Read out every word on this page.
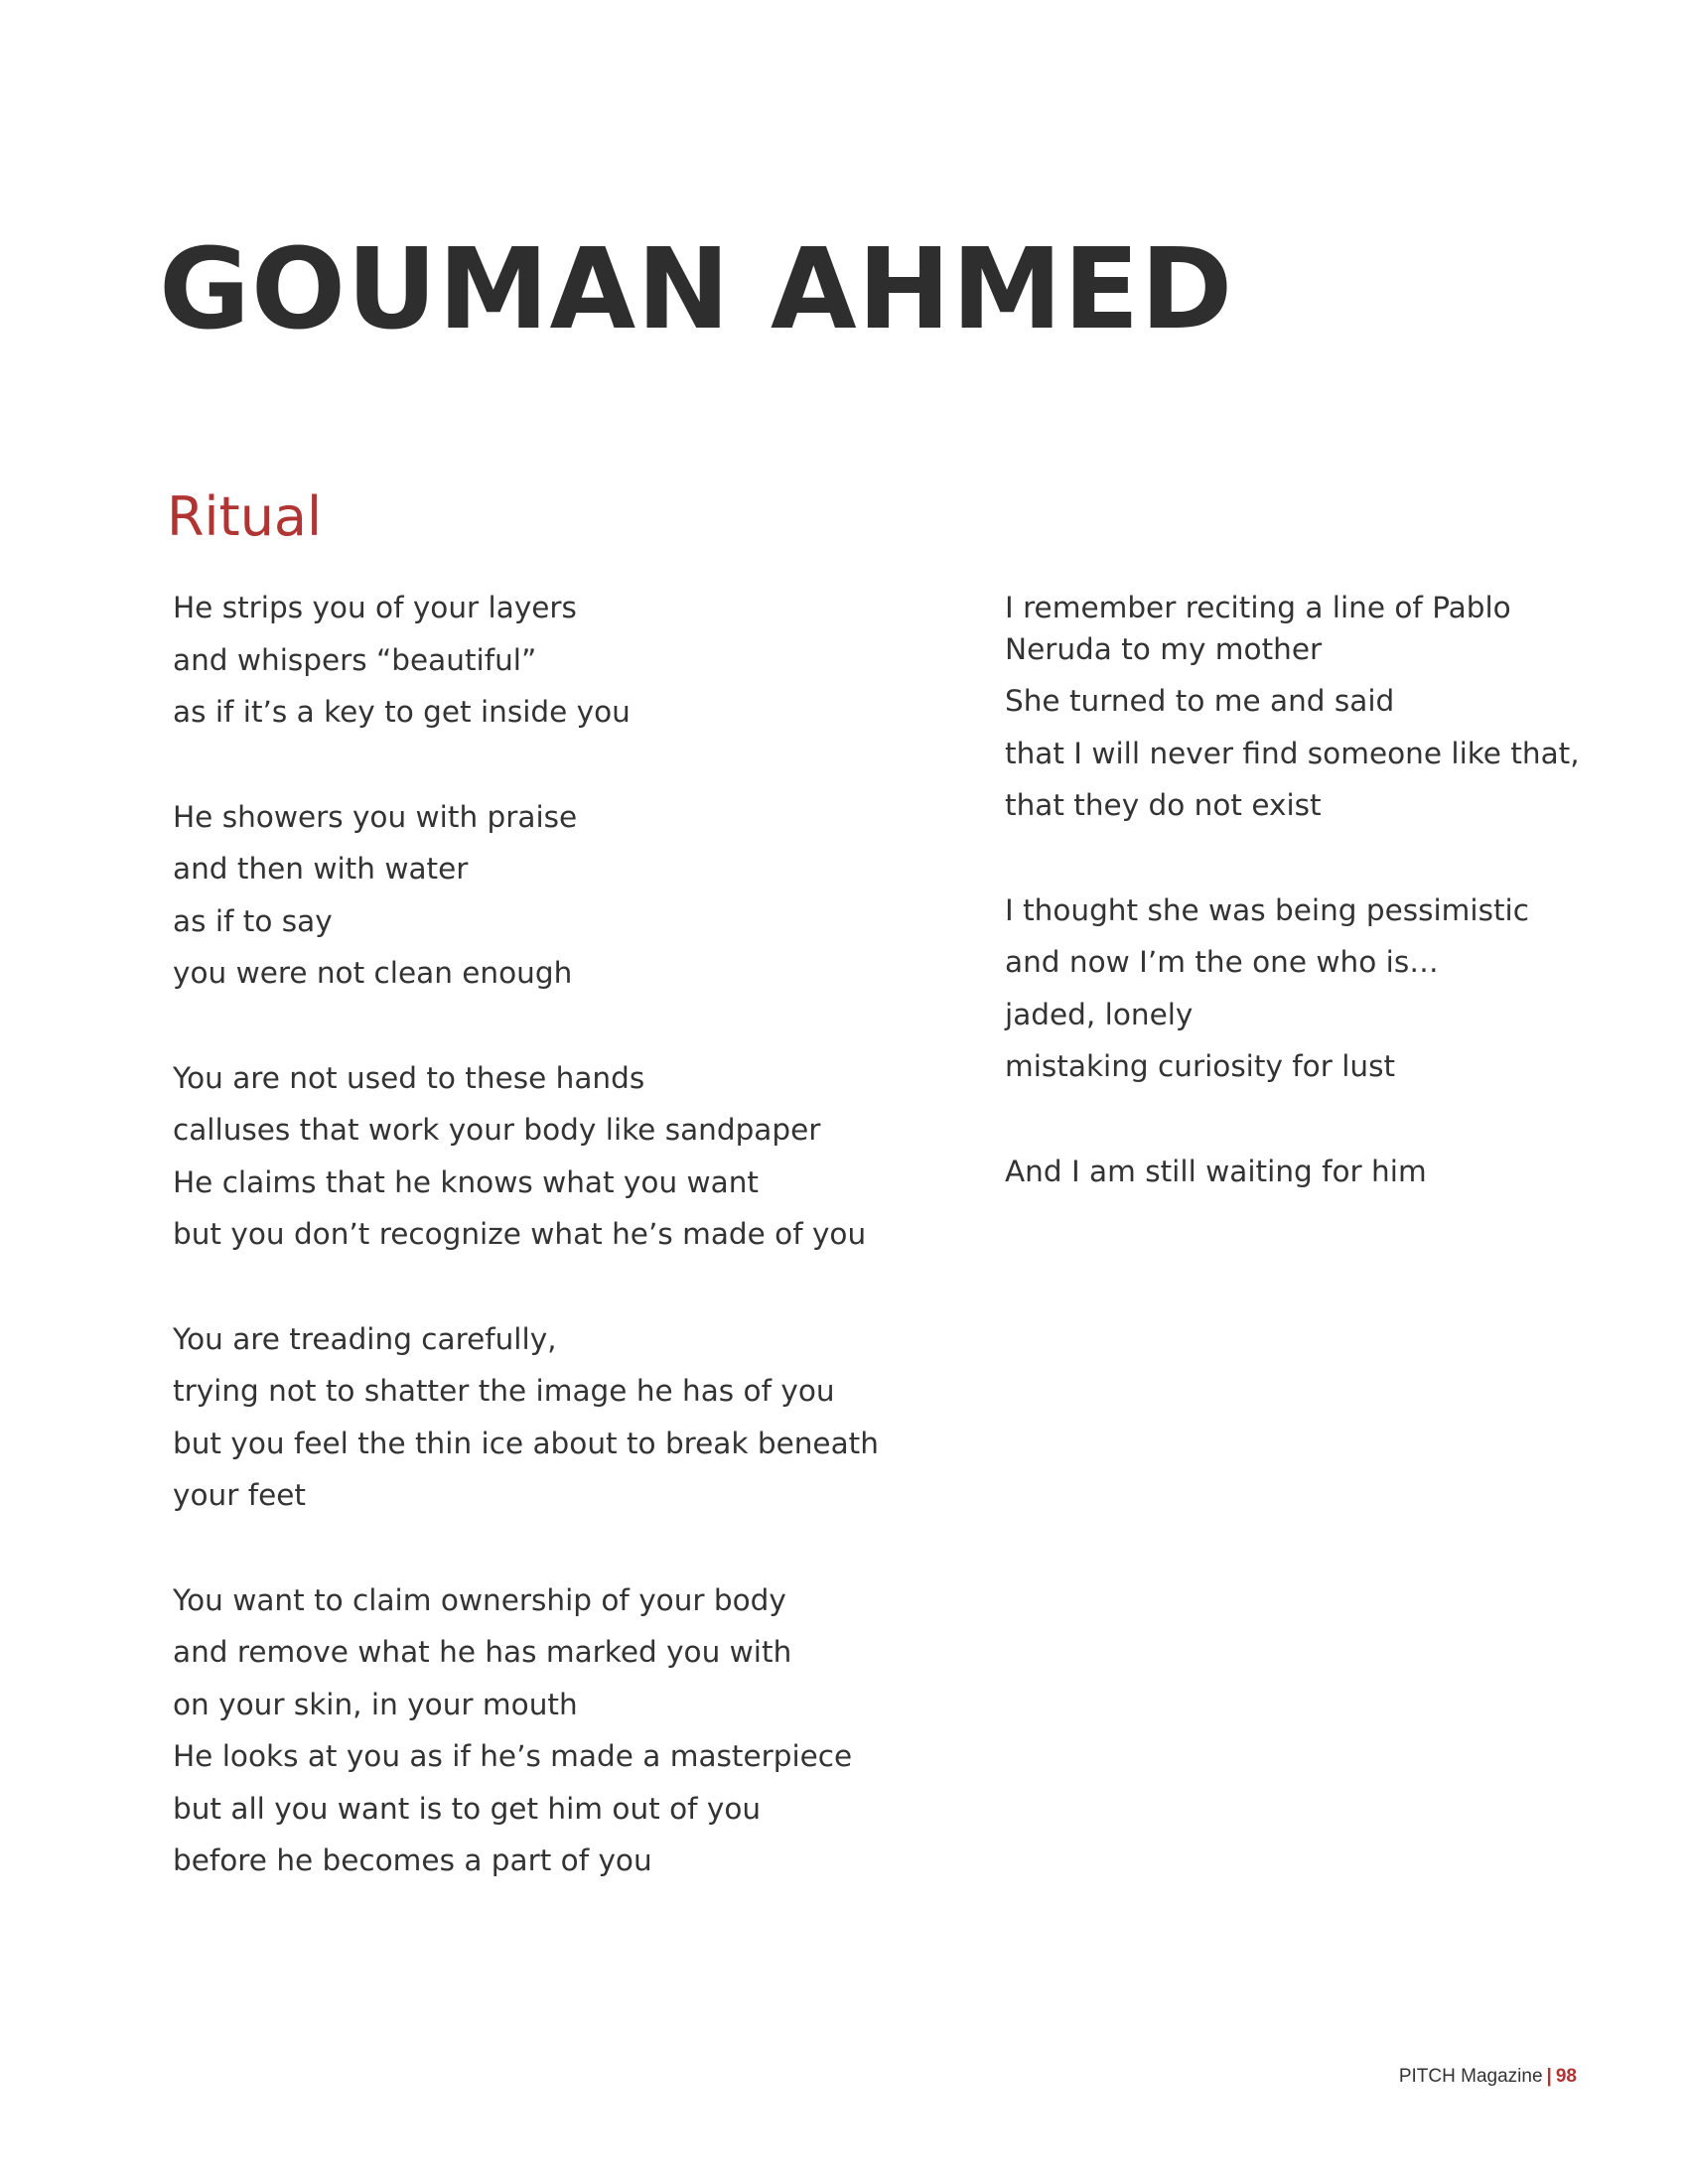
GOUMAN AHMED
Ritual
He strips you of your layers
and whispers “beautiful”
as if it’s a key to get inside you
He showers you with praise
and then with water
as if to say
you were not clean enough
You are not used to these hands
calluses that work your body like sandpaper
He claims that he knows what you want
but you don’t recognize what he’s made of you
You are treading carefully,
trying not to shatter the image he has of you
but you feel the thin ice about to break beneath
your feet
You want to claim ownership of your body
and remove what he has marked you with
on your skin, in your mouth
He looks at you as if he’s made a masterpiece
but all you want is to get him out of you
before he becomes a part of you
I remember reciting a line of Pablo Neruda to my mother
She turned to me and said
that I will never find someone like that,
that they do not exist
I thought she was being pessimistic
and now I’m the one who is…
jaded, lonely
mistaking curiosity for lust
And I am still waiting for him
PITCH Magazine | 98
